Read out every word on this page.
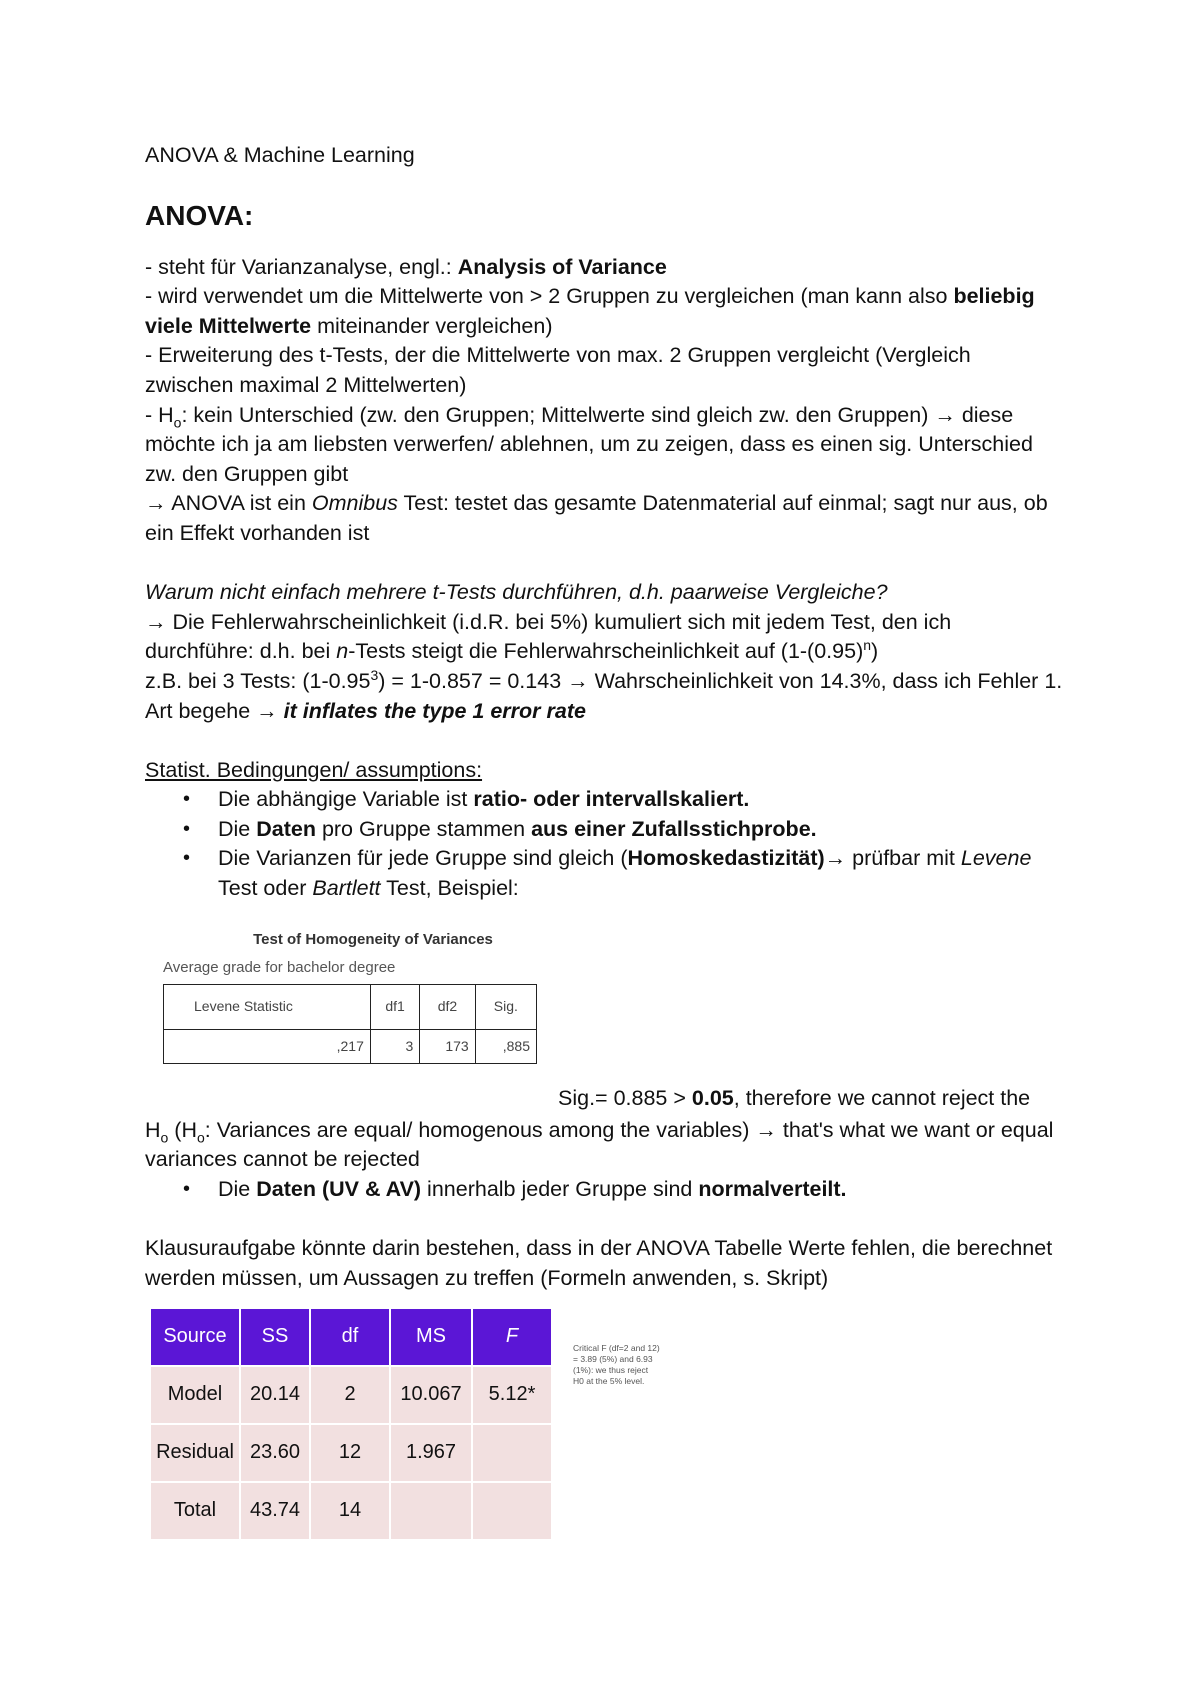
ANOVA & Machine Learning

ANOVA:

- steht für Varianzanalyse, engl.: Analysis of Variance

- wird verwendet um die Mittelwerte von > 2 Gruppen zu vergleichen (man kann also beliebig viele Mittelwerte miteinander vergleichen)

- Erweiterung des t-Tests, der die Mittelwerte von max. 2 Gruppen vergleicht (Vergleich zwischen maximal 2 Mittelwerten)

- $H_o$: kein Unterschied (zw. den Gruppen; Mittelwerte sind gleich zw. den Gruppen) → diese möchte ich ja am liebsten verwerfen/ ablehnen, um zu zeigen, dass es einen sig. Unterschied zw. den Gruppen gibt

→ ANOVA ist ein Omnibus Test: testet das gesamte Datenmaterial auf einmal; sagt nur aus, ob ein Effekt vorhanden ist

Warum nicht einfach mehrere t-Tests durchführen, d.h. paarweise Vergleiche?

→ Die Fehlerwahrscheinlichkeit (i.d.R. bei 5%) kumuliert sich mit jedem Test, den ich durchführe: d.h. bei n-Tests steigt die Fehlerwahrscheinlichkeit auf $(1-(0.95)^n)$

z.B. bei 3 Tests: $(1-0.95^3) = 1-0.857 = 0.143$ → Wahrscheinlichkeit von 14.3%, dass ich Fehler 1. Art begehe → it inflates the type 1 error rate

Statist. Bedingungen/ assumptions:

• Die abhängige Variable ist ratio- oder intervallskaliert.
• Die Daten pro Gruppe stammen aus einer Zufallsstichprobe.
• Die Varianzen für jede Gruppe sind gleich (Homoskedastizität)→ prüfbar mit Levene Test oder Bartlett Test, Beispiel:
Test of Homogeneity of Variances
Average grade for bachelor degree
Levene Statistic	df1	df2	Sig.
,217	3	173	,885
Sig.= 0.885 > 0.05, therefore we cannot reject the

$H_o$ ($H_o$: Variances are equal/ homogenous among the variables) → that's what we want or equal variances cannot be rejected

• Die Daten (UV & AV) innerhalb jeder Gruppe sind normalverteilt.

Klausuraufgabe könnte darin bestehen, dass in der ANOVA Tabelle Werte fehlen, die berechnet werden müssen, um Aussagen zu treffen (Formeln anwenden, s. Skript)

Source	SS	df	MS	F
Model	20.14	2	10.067	5.12*
Residual	23.60	12	1.967	
Total	43.74	14		
Critical F (df=2 and 12) = 3.89 (5%) and 6.93 (1%): we thus reject H0 at the 5% level.
